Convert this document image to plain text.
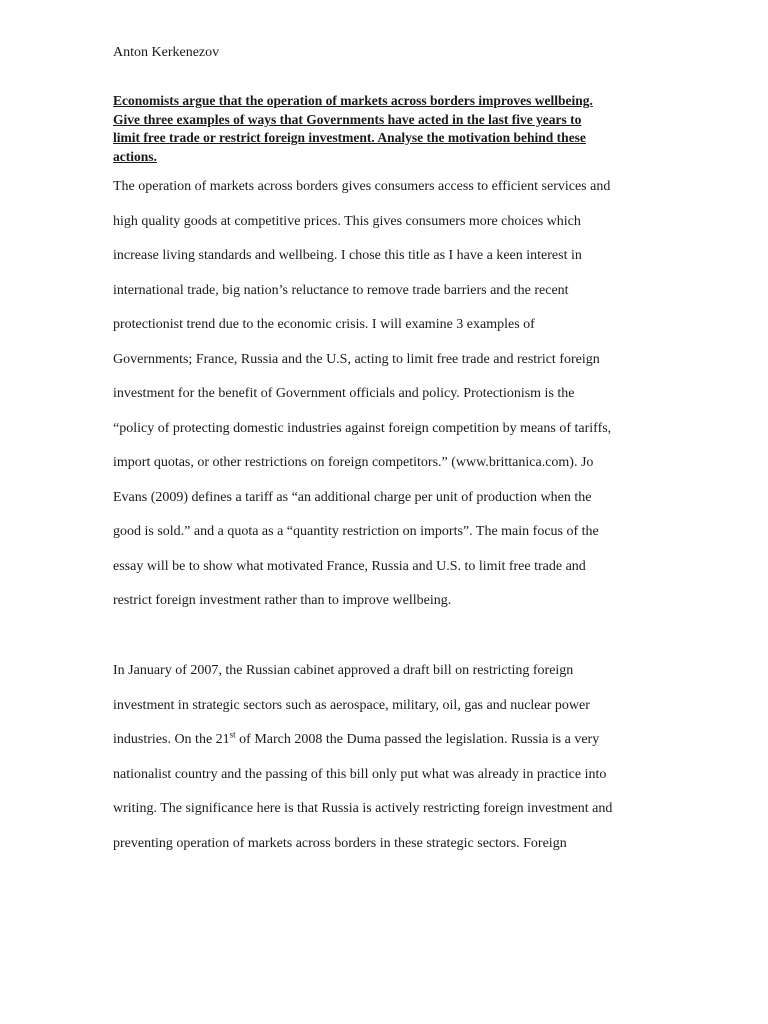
Anton Kerkenezov
Economists argue that the operation of markets across borders improves wellbeing.
Give three examples of ways that Governments have acted in the last five years to
limit free trade or restrict foreign investment. Analyse the motivation behind these
actions.

The operation of markets across borders gives consumers access to efficient services and
high quality goods at competitive prices. This gives consumers more choices which
increase living standards and wellbeing. I chose this title as I have a keen interest in
international trade, big nation’s reluctance to remove trade barriers and the recent
protectionist trend due to the economic crisis. I will examine 3 examples of
Governments; France, Russia and the U.S, acting to limit free trade and restrict foreign
investment for the benefit of Government officials and policy. Protectionism is the
“policy of protecting domestic industries against foreign competition by means of tariffs,
import quotas, or other restrictions on foreign competitors.” (www.brittanica.com). Jo
Evans (2009) defines a tariff as “an additional charge per unit of production when the
good is sold.” and a quota as a “quantity restriction on imports”. The main focus of the
essay will be to show what motivated France, Russia and U.S. to limit free trade and
restrict foreign investment rather than to improve wellbeing.

In January of 2007, the Russian cabinet approved a draft bill on restricting foreign
investment in strategic sectors such as aerospace, military, oil, gas and nuclear power
industries. On the 21st of March 2008 the Duma passed the legislation. Russia is a very
nationalist country and the passing of this bill only put what was already in practice into
writing. The significance here is that Russia is actively restricting foreign investment and
preventing operation of markets across borders in these strategic sectors. Foreign
